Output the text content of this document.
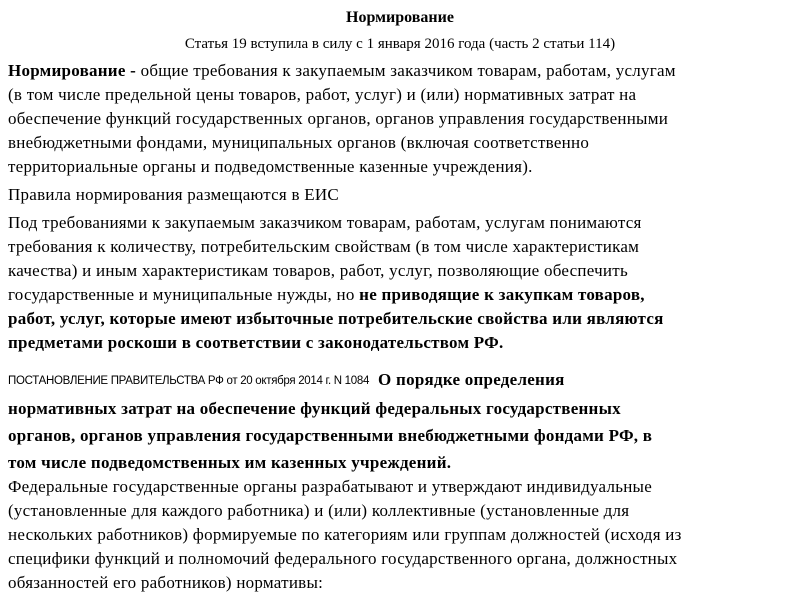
Нормирование
Статья 19 вступила в силу с 1 января 2016 года (часть 2 статьи 114)
Нормирование - общие требования к закупаемым заказчиком товарам, работам, услугам
(в том числе предельной цены товаров, работ, услуг) и (или) нормативных затрат на
обеспечение функций государственных органов, органов управления государственными
внебюджетными фондами, муниципальных органов (включая соответственно
территориальные органы и подведомственные казенные учреждения).
Правила нормирования размещаются в ЕИС
Под требованиями к закупаемым заказчиком товарам, работам, услугам понимаются
требования к количеству, потребительским свойствам (в том числе характеристикам
качества) и иным характеристикам товаров, работ, услуг, позволяющие обеспечить
государственные и муниципальные нужды, но не приводящие к закупкам товаров,
работ, услуг, которые имеют избыточные потребительские свойства или являются
предметами роскоши в соответствии с законодательством РФ.
ПОСТАНОВЛЕНИЕ ПРАВИТЕЛЬСТВА РФ от 20 октября 2014 г. N 1084 О порядке определения
нормативных затрат на обеспечение функций федеральных государственных
органов, органов управления государственными внебюджетными фондами РФ, в
том числе подведомственных им казенных учреждений.
Федеральные государственные органы разрабатывают и утверждают индивидуальные
(установленные для каждого работника) и (или) коллективные (установленные для
нескольких работников) формируемые по категориям или группам должностей (исходя из
специфики функций и полномочий федерального государственного органа, должностных
обязанностей его работников) нормативы:
